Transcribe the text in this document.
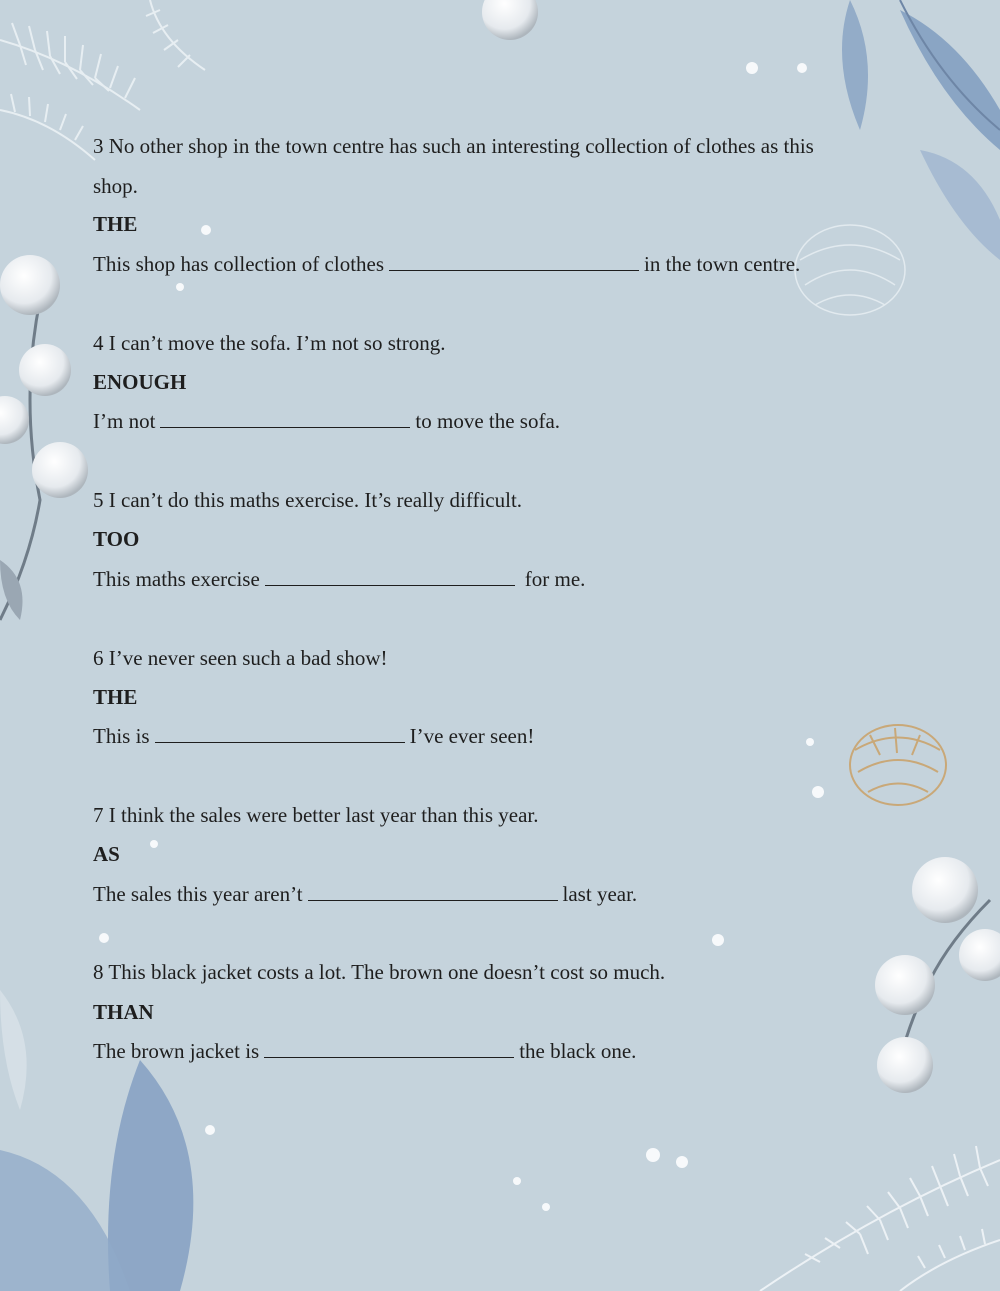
3 No other shop in the town centre has such an interesting collection of clothes as this
shop.
THE
This shop has collection of clothes	in the town centre.
4 I can’t move the sofa. I’m not so strong.
ENOUGH
I’m not	to move the sofa.
5 I can’t do this maths exercise. It’s really difficult.
TOO
This maths exercise	for me.
6 I’ve never seen such a bad show!
THE
This is	I’ve ever seen!
7 I think the sales were better last year than this year.
AS
The sales this year aren’t	last year.
8 This black jacket costs a lot. The brown one doesn’t cost so much.
THAN
The brown jacket is	the black one.
